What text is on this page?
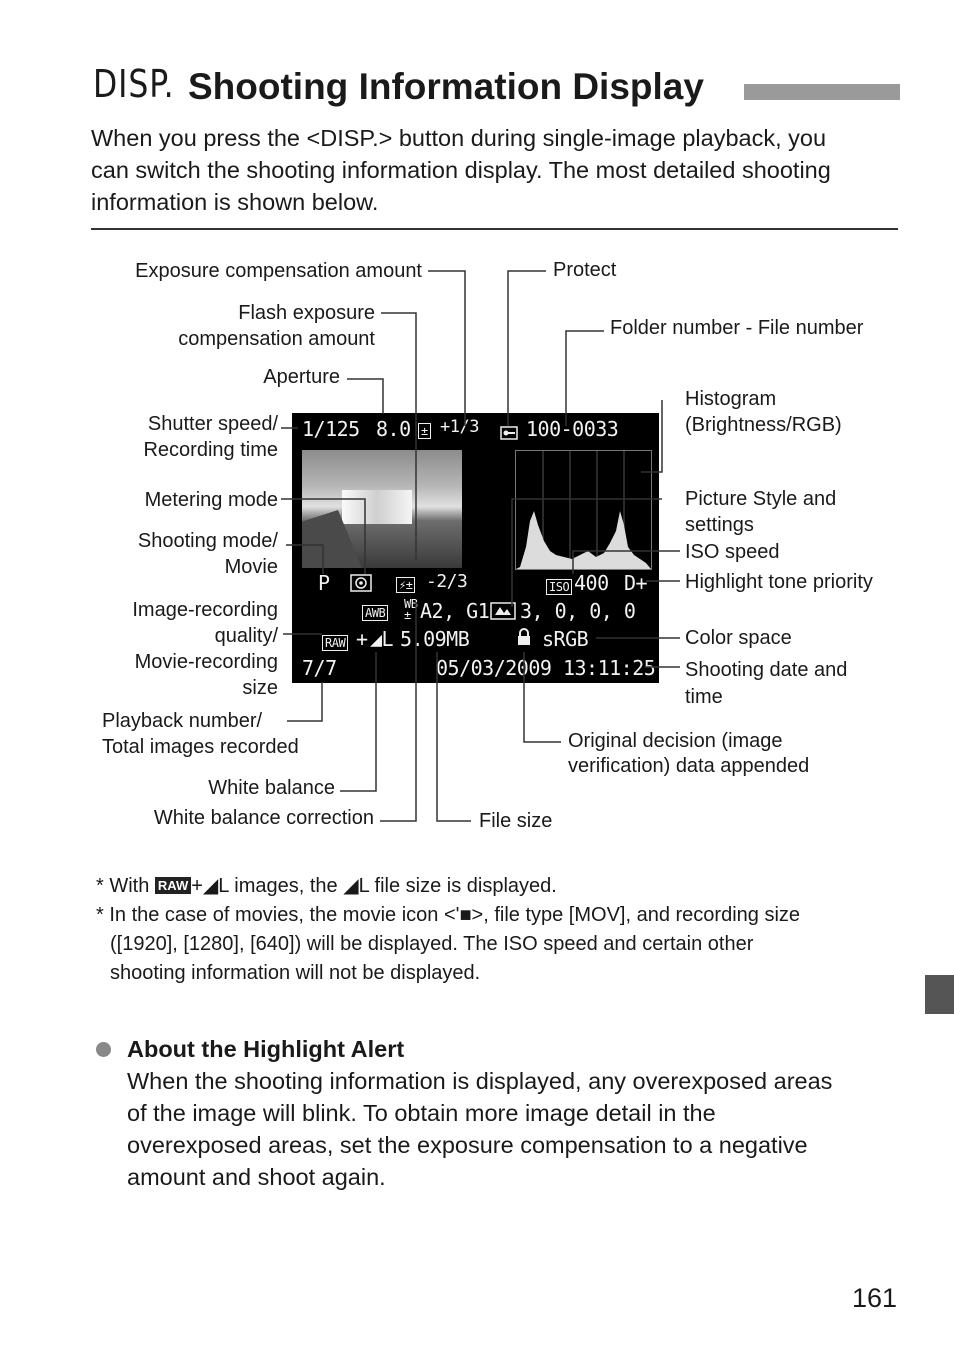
DISP. Shooting Information Display
When you press the <DISP.> button during single-image playback, you
can switch the shooting information display. The most detailed shooting
information is shown below.
Exposure compensation amount
Flash exposure
compensation amount
Aperture
Shutter speed/
Recording time
Metering mode
Shooting mode/
Movie
Image-recording
quality/
Movie-recording
size
Playback number/
Total images recorded
White balance
White balance correction	File size
Protect
Folder number - File number
Histogram
(Brightness/RGB)
Picture Style and
settings
ISO speed
Highlight tone priority
Color space
Shooting date and
time
Original decision (image
verification) data appended
1/125 8.0 ± +1/3 100-0033
P	⚡± -2/3	ISO 400 D+
AWB
WB
± A2, G1 3, 0, 0, 0
RAW + ◢L 5.09MB	sRGB
7/7	05/03/2009 13:11:25
* With RAW +◢L images, the ◢L file size is displayed.
* In the case of movies, the movie icon <'■>, file type [MOV], and recording size
([1920], [1280], [640]) will be displayed. The ISO speed and certain other
shooting information will not be displayed.
About the Highlight Alert
When the shooting information is displayed, any overexposed areas
of the image will blink. To obtain more image detail in the
overexposed areas, set the exposure compensation to a negative
amount and shoot again.
161
